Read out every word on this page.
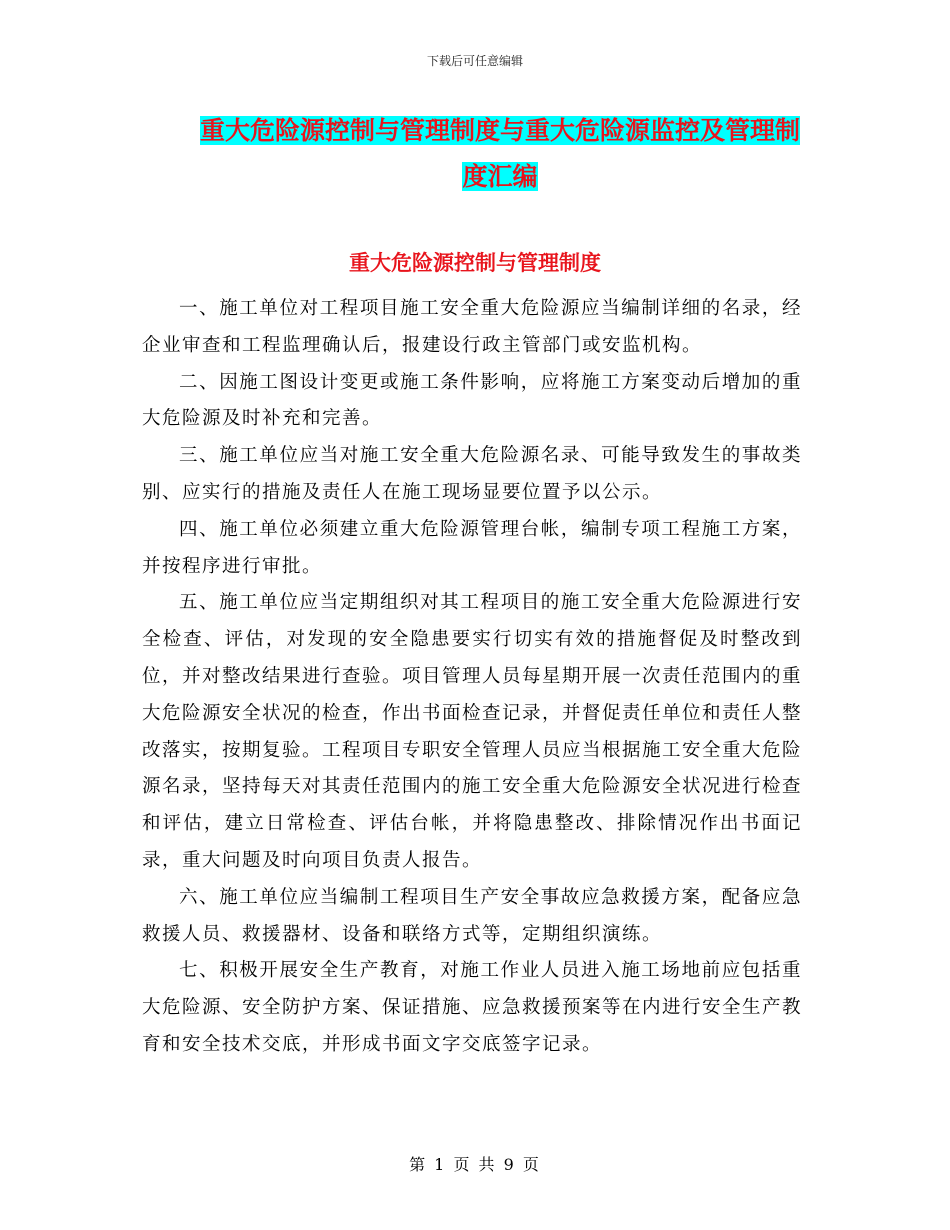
下载后可任意编辑
重大危险源控制与管理制度与重大危险源监控及管理制度汇编
重大危险源控制与管理制度

一、施工单位对工程项目施工安全重大危险源应当编制详细的名录，经企业审查和工程监理确认后，报建设行政主管部门或安监机构。

二、因施工图设计变更或施工条件影响，应将施工方案变动后增加的重大危险源及时补充和完善。

三、施工单位应当对施工安全重大危险源名录、可能导致发生的事故类别、应实行的措施及责任人在施工现场显要位置予以公示。

四、施工单位必须建立重大危险源管理台帐，编制专项工程施工方案，并按程序进行审批。

五、施工单位应当定期组织对其工程项目的施工安全重大危险源进行安全检查、评估，对发现的安全隐患要实行切实有效的措施督促及时整改到位，并对整改结果进行查验。项目管理人员每星期开展一次责任范围内的重大危险源安全状况的检查，作出书面检查记录，并督促责任单位和责任人整改落实，按期复验。工程项目专职安全管理人员应当根据施工安全重大危险源名录，坚持每天对其责任范围内的施工安全重大危险源安全状况进行检查和评估，建立日常检查、评估台帐，并将隐患整改、排除情况作出书面记录，重大问题及时向项目负责人报告。

六、施工单位应当编制工程项目生产安全事故应急救援方案，配备应急救援人员、救援器材、设备和联络方式等，定期组织演练。

七、积极开展安全生产教育，对施工作业人员进入施工场地前应包括重大危险源、安全防护方案、保证措施、应急救援预案等在内进行安全生产教育和安全技术交底，并形成书面文字交底签字记录。

第 1 页 共 9 页
